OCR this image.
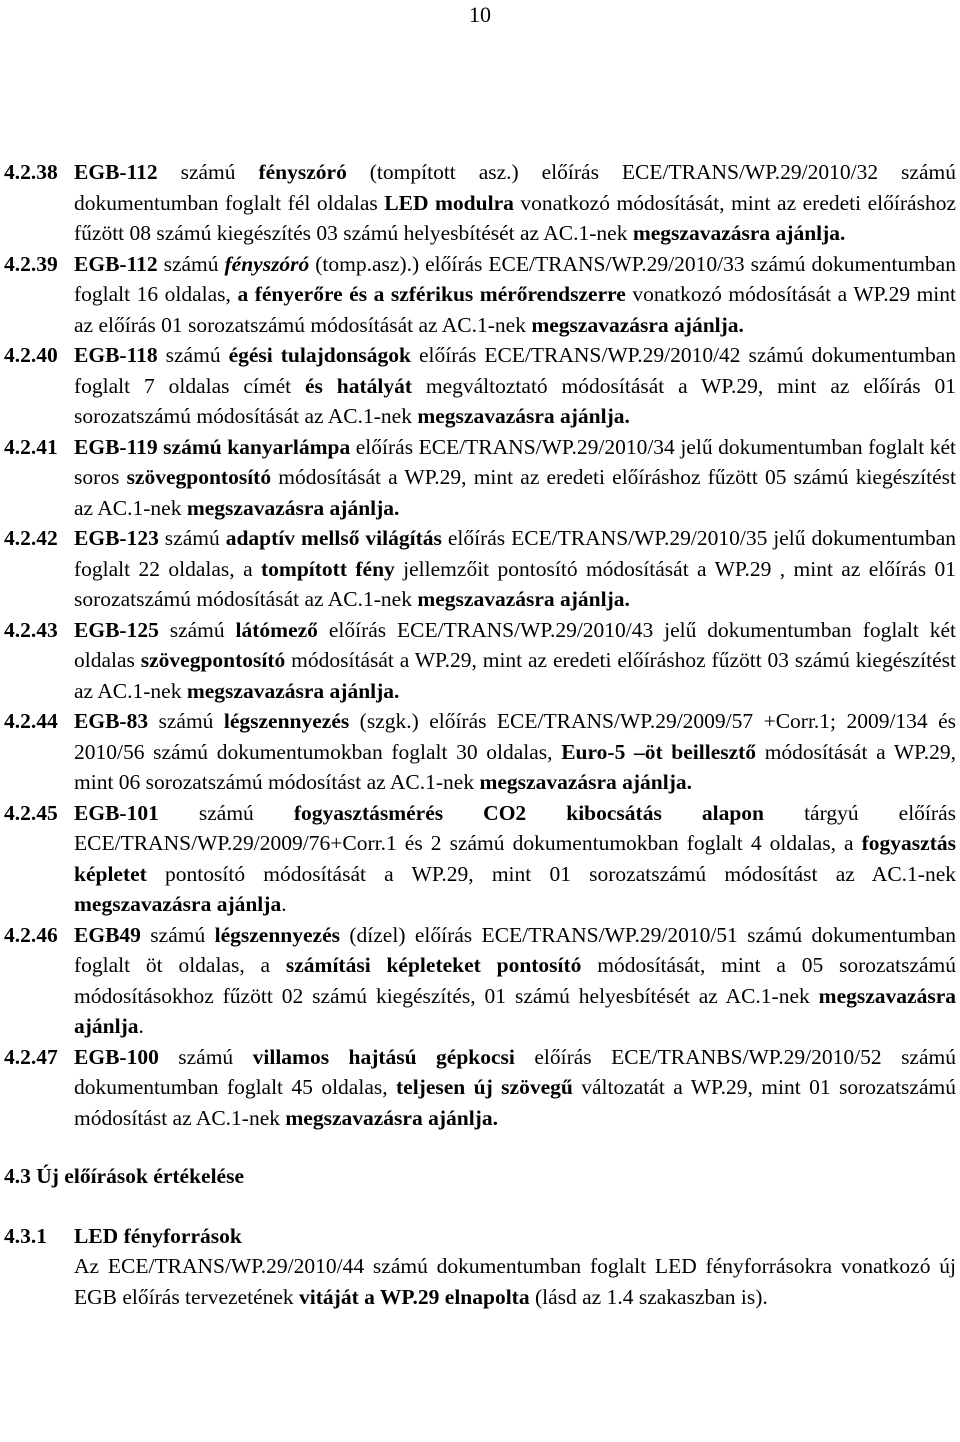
10
4.2.38 EGB-112 számú fényszóró (tompított asz.) előírás ECE/TRANS/WP.29/2010/32 számú dokumentumban foglalt fél oldalas LED modulra vonatkozó módosítását, mint az eredeti előíráshoz fűzött 08 számú kiegészítés 03 számú helyesbítését az AC.1-nek megszavazásra ajánlja.
4.2.39 EGB-112 számú fényszóró (tomp.asz).) előírás ECE/TRANS/WP.29/2010/33 számú dokumentumban foglalt 16 oldalas, a fényerőre és a szférikus mérőrendszerre vonatkozó módosítását a WP.29 mint az előírás 01 sorozatszámú módosítását az AC.1-nek megszavazásra ajánlja.
4.2.40 EGB-118 számú égési tulajdonságok előírás ECE/TRANS/WP.29/2010/42 számú dokumentumban foglalt 7 oldalas címét és hatályát megváltoztató módosítását a WP.29, mint az előírás 01 sorozatszámú módosítását az AC.1-nek megszavazásra ajánlja.
4.2.41 EGB-119 számú kanyarlámpa előírás ECE/TRANS/WP.29/2010/34 jelű dokumentumban foglalt két soros szövegpontosító módosítását a WP.29, mint az eredeti előíráshoz fűzött 05 számú kiegészítést az AC.1-nek megszavazásra ajánlja.
4.2.42 EGB-123 számú adaptív mellső világítás előírás ECE/TRANS/WP.29/2010/35 jelű dokumentumban foglalt 22 oldalas, a tompított fény jellemzőit pontosító módosítását a WP.29 , mint az előírás 01 sorozatszámú módosítását az AC.1-nek megszavazásra ajánlja.
4.2.43 EGB-125 számú látómező előírás ECE/TRANS/WP.29/2010/43 jelű dokumentumban foglalt két oldalas szövegpontosító módosítását a WP.29, mint az eredeti előíráshoz fűzött 03 számú kiegészítést az AC.1-nek megszavazásra ajánlja.
4.2.44 EGB-83 számú légszennyezés (szgk.) előírás ECE/TRANS/WP.29/2009/57 +Corr.1; 2009/134 és 2010/56 számú dokumentumokban foglalt 30 oldalas, Euro-5 –öt beillesztő módosítását a WP.29, mint 06 sorozatszámú módosítást az AC.1-nek megszavazásra ajánlja.
4.2.45 EGB-101 számú fogyasztásmérés CO2 kibocsátás alapon tárgyú előírás ECE/TRANS/WP.29/2009/76+Corr.1 és 2 számú dokumentumokban foglalt 4 oldalas, a fogyasztás képletet pontosító módosítását a WP.29, mint 01 sorozatszámú módosítást az AC.1-nek megszavazásra ajánlja.
4.2.46 EGB49 számú légszennyezés (dízel) előírás ECE/TRANS/WP.29/2010/51 számú dokumentumban foglalt öt oldalas, a számítási képleteket pontosító módosítását, mint a 05 sorozatszámú módosításokhoz fűzött 02 számú kiegészítés, 01 számú helyesbítését az AC.1-nek megszavazásra ajánlja.
4.2.47 EGB-100 számú villamos hajtású gépkocsi előírás ECE/TRANBS/WP.29/2010/52 számú dokumentumban foglalt 45 oldalas, teljesen új szövegű változatát a WP.29, mint 01 sorozatszámú módosítást az AC.1-nek megszavazásra ajánlja.
4.3 Új előírások értékelése
4.3.1	LED fényforrások
Az ECE/TRANS/WP.29/2010/44 számú dokumentumban foglalt LED fényforrásokra vonatkozó új EGB előírás tervezetének vitáját a WP.29 elnapolta (lásd az 1.4 szakaszban is).
